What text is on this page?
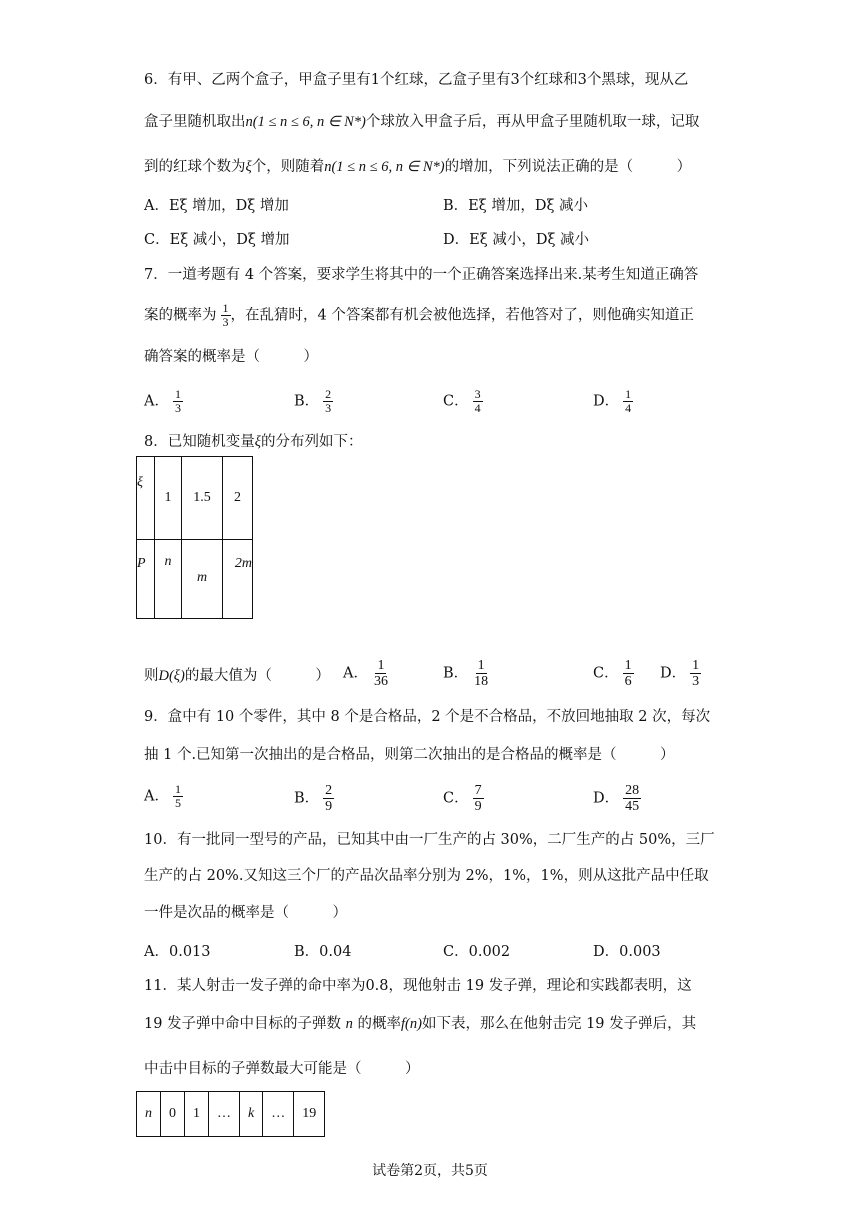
6．有甲、乙两个盒子，甲盒子里有1个红球，乙盒子里有3个红球和3个黑球，现从乙
盒子里随机取出n(1 ≤ n ≤ 6, n ∈ N*)个球放入甲盒子后，再从甲盒子里随机取一球，记取
到的红球个数为ξ个，则随着n(1 ≤ n ≤ 6, n ∈ N*)的增加，下列说法正确的是（　　　）
A．Eξ 增加，Dξ 增加	B．Eξ 增加，Dξ 减小
C．Eξ 减小，Dξ 增加	D．Eξ 减小，Dξ 减小
7．一道考题有 4 个答案，要求学生将其中的一个正确答案选择出来.某考生知道正确答
案的概率为 $\frac{1}{3}$ ，在乱猜时，4 个答案都有机会被他选择，若他答对了，则他确实知道正
确答案的概率是（　　　）
A． $\frac{1}{3}$	B． $\frac{2}{3}$	C． $\frac{3}{4}$	D． $\frac{1}{4}$
8．已知随机变量ξ的分布列如下：
ξ	1	1.5	2
P	n	m	2m
则D(ξ)的最大值为（　　　） A． $\frac{1}{36}$	B． $\frac{1}{18}$	C． $\frac{1}{6}$ D． $\frac{1}{3}$
9．盒中有 10 个零件，其中 8 个是合格品，2 个是不合格品，不放回地抽取 2 次，每次
抽 1 个.已知第一次抽出的是合格品，则第二次抽出的是合格品的概率是（　　　）
A． $\frac{1}{5}$	B． $\frac{2}{9}$	C． $\frac{7}{9}$	D． $\frac{28}{45}$
10．有一批同一型号的产品，已知其中由一厂生产的占 30%，二厂生产的占 50%，三厂
生产的占 20%.又知这三个厂的产品次品率分别为 2%，1%，1%，则从这批产品中任取
一件是次品的概率是（　　　）
A．0.013	B．0.04	C．0.002	D．0.003
11．某人射击一发子弹的命中率为0.8，现他射击 19 发子弹，理论和实践都表明，这
19 发子弹中命中目标的子弹数 n 的概率f(n)如下表，那么在他射击完 19 发子弹后，其
中击中目标的子弹数最大可能是（　　　）
n	0	1	…	k	…	19
试卷第2页，共5页
